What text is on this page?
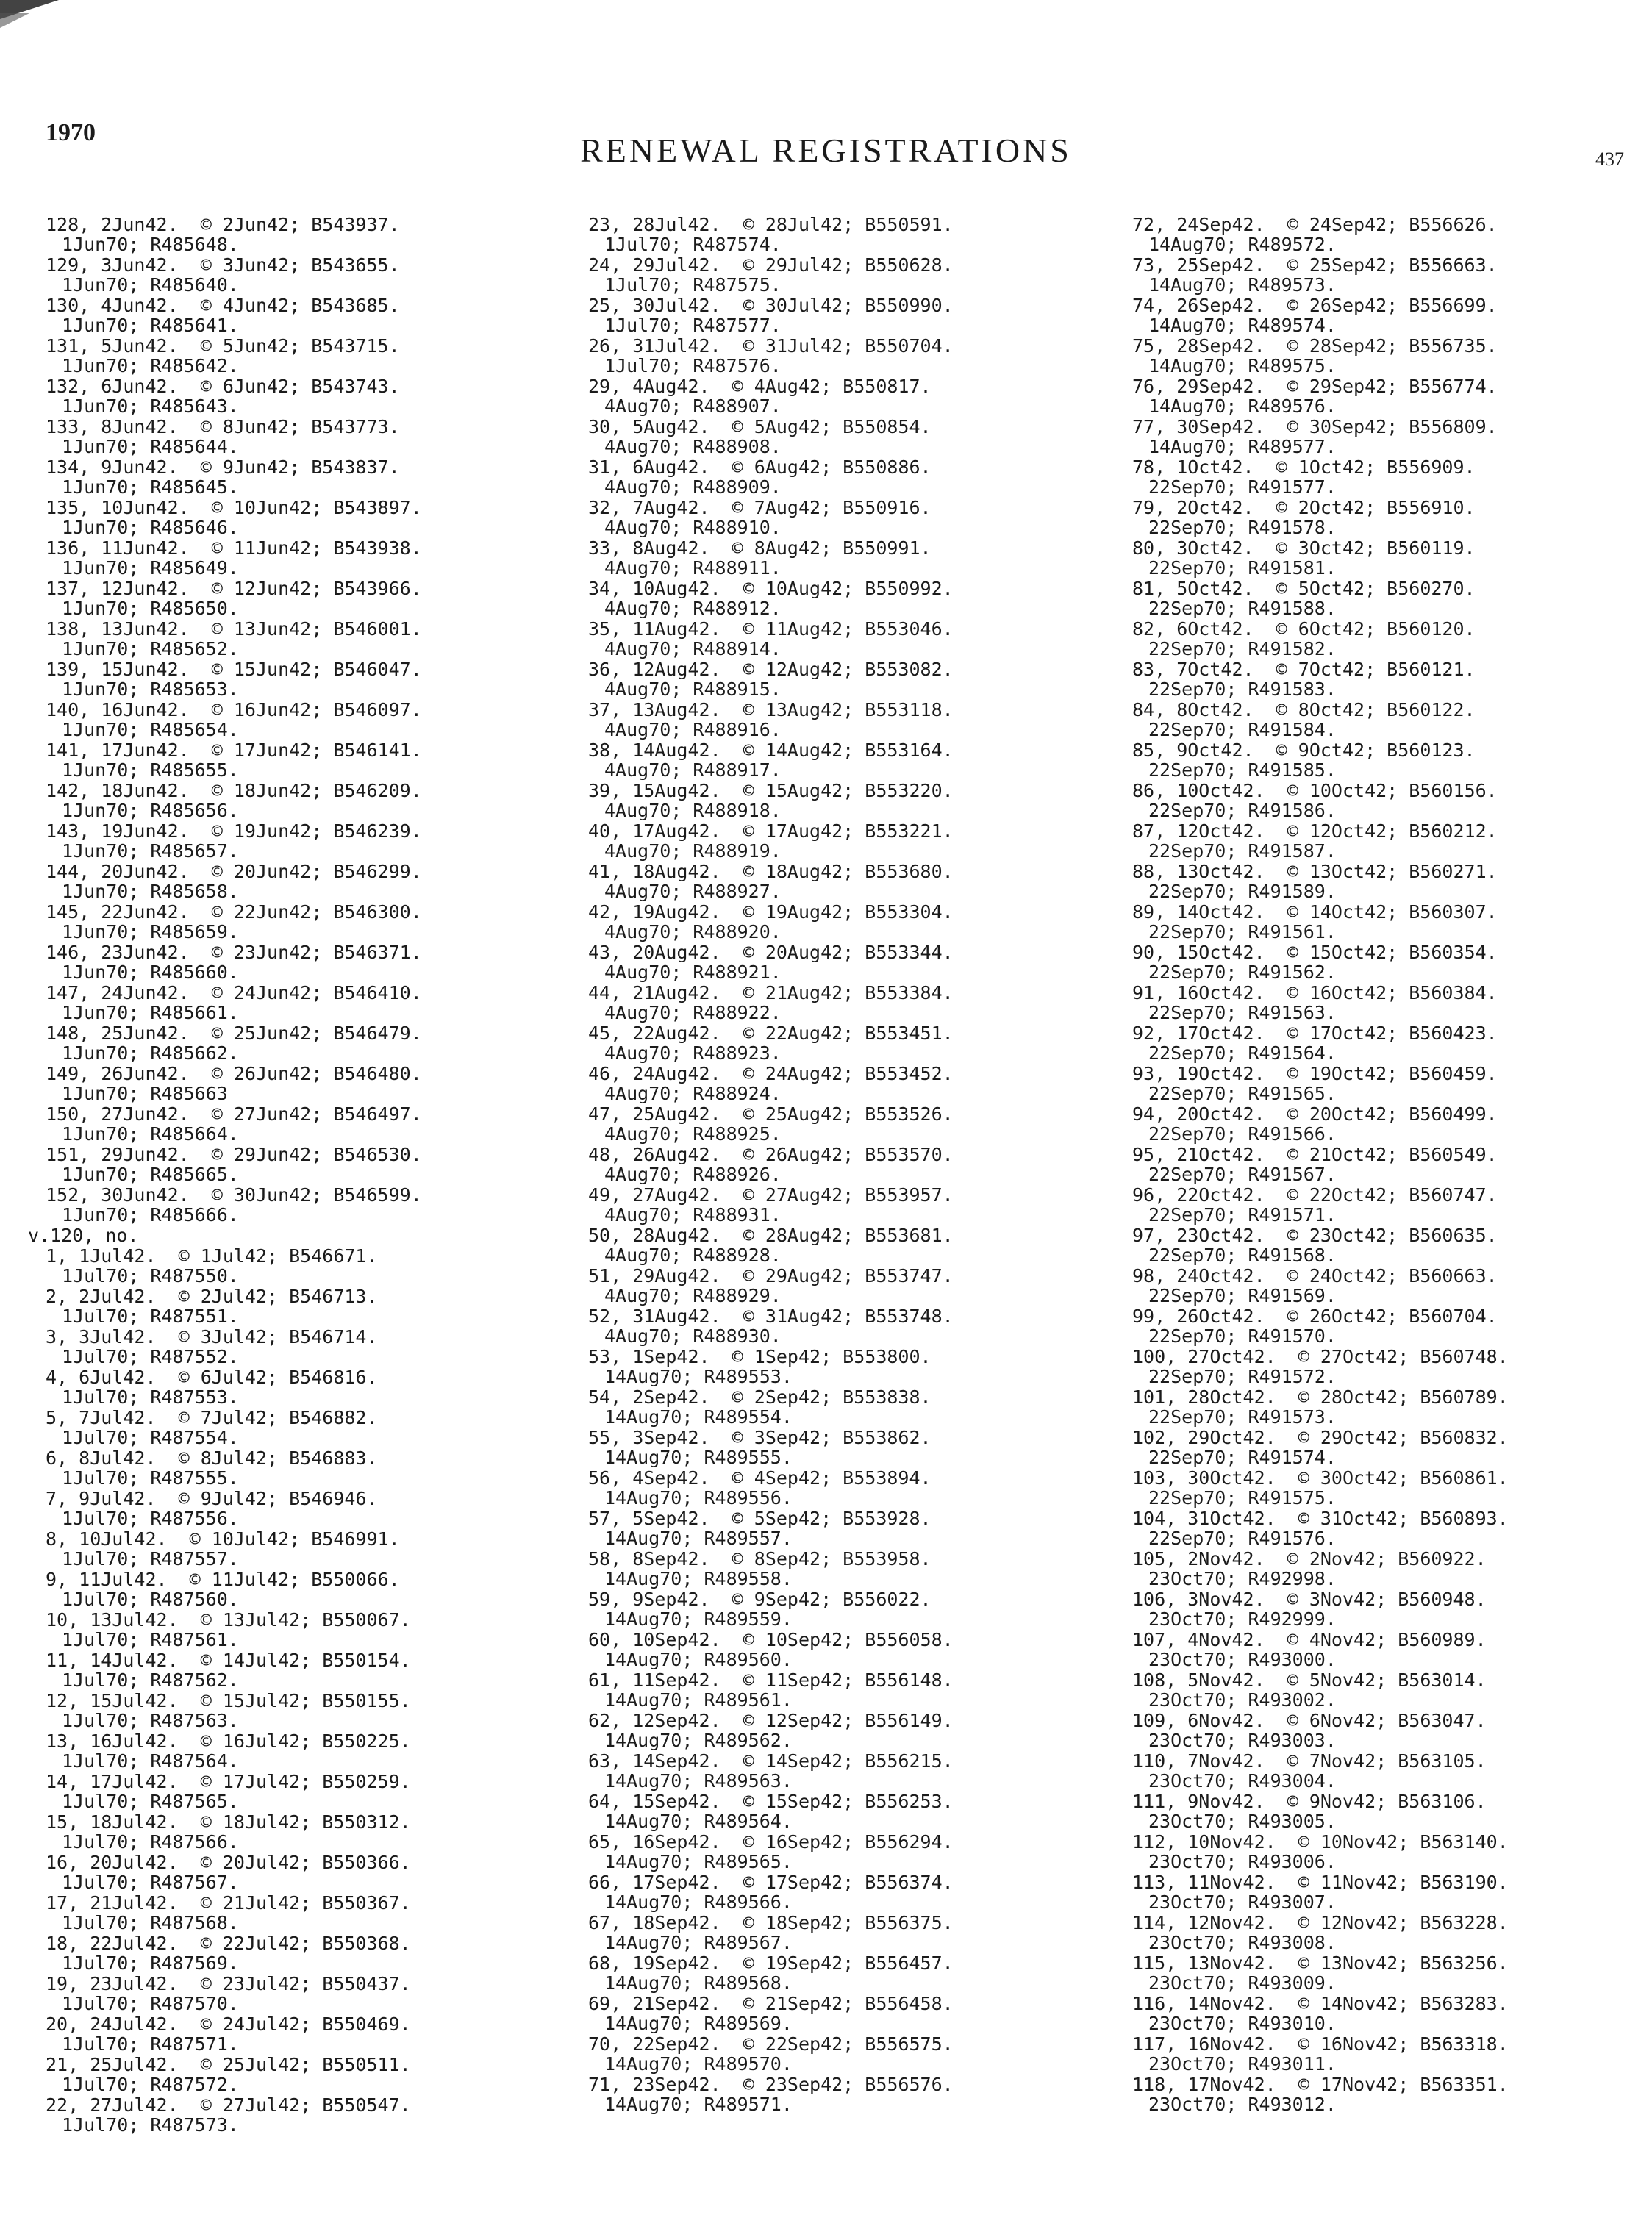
1970	RENEWAL REGISTRATIONS	437
128, 2Jun42.  © 2Jun42; B543937.
1Jun70; R485648.
129, 3Jun42.  © 3Jun42; B543655.
1Jun70; R485640.
130, 4Jun42.  © 4Jun42; B543685.
1Jun70; R485641.
131, 5Jun42.  © 5Jun42; B543715.
1Jun70; R485642.
132, 6Jun42.  © 6Jun42; B543743.
1Jun70; R485643.
133, 8Jun42.  © 8Jun42; B543773.
1Jun70; R485644.
134, 9Jun42.  © 9Jun42; B543837.
1Jun70; R485645.
135, 10Jun42.  © 10Jun42; B543897.
1Jun70; R485646.
136, 11Jun42.  © 11Jun42; B543938.
1Jun70; R485649.
137, 12Jun42.  © 12Jun42; B543966.
1Jun70; R485650.
138, 13Jun42.  © 13Jun42; B546001.
1Jun70; R485652.
139, 15Jun42.  © 15Jun42; B546047.
1Jun70; R485653.
140, 16Jun42.  © 16Jun42; B546097.
1Jun70; R485654.
141, 17Jun42.  © 17Jun42; B546141.
1Jun70; R485655.
142, 18Jun42.  © 18Jun42; B546209.
1Jun70; R485656.
143, 19Jun42.  © 19Jun42; B546239.
1Jun70; R485657.
144, 20Jun42.  © 20Jun42; B546299.
1Jun70; R485658.
145, 22Jun42.  © 22Jun42; B546300.
1Jun70; R485659.
146, 23Jun42.  © 23Jun42; B546371.
1Jun70; R485660.
147, 24Jun42.  © 24Jun42; B546410.
1Jun70; R485661.
148, 25Jun42.  © 25Jun42; B546479.
1Jun70; R485662.
149, 26Jun42.  © 26Jun42; B546480.
1Jun70; R485663
150, 27Jun42.  © 27Jun42; B546497.
1Jun70; R485664.
151, 29Jun42.  © 29Jun42; B546530.
1Jun70; R485665.
152, 30Jun42.  © 30Jun42; B546599.
1Jun70; R485666.
v.120, no.
1, 1Jul42.  © 1Jul42; B546671.
1Jul70; R487550.
2, 2Jul42.  © 2Jul42; B546713.
1Jul70; R487551.
3, 3Jul42.  © 3Jul42; B546714.
1Jul70; R487552.
4, 6Jul42.  © 6Jul42; B546816.
1Jul70; R487553.
5, 7Jul42.  © 7Jul42; B546882.
1Jul70; R487554.
6, 8Jul42.  © 8Jul42; B546883.
1Jul70; R487555.
7, 9Jul42.  © 9Jul42; B546946.
1Jul70; R487556.
8, 10Jul42.  © 10Jul42; B546991.
1Jul70; R487557.
9, 11Jul42.  © 11Jul42; B550066.
1Jul70; R487560.
10, 13Jul42.  © 13Jul42; B550067.
1Jul70; R487561.
11, 14Jul42.  © 14Jul42; B550154.
1Jul70; R487562.
12, 15Jul42.  © 15Jul42; B550155.
1Jul70; R487563.
13, 16Jul42.  © 16Jul42; B550225.
1Jul70; R487564.
14, 17Jul42.  © 17Jul42; B550259.
1Jul70; R487565.
15, 18Jul42.  © 18Jul42; B550312.
1Jul70; R487566.
16, 20Jul42.  © 20Jul42; B550366.
1Jul70; R487567.
17, 21Jul42.  © 21Jul42; B550367.
1Jul70; R487568.
18, 22Jul42.  © 22Jul42; B550368.
1Jul70; R487569.
19, 23Jul42.  © 23Jul42; B550437.
1Jul70; R487570.
20, 24Jul42.  © 24Jul42; B550469.
1Jul70; R487571.
21, 25Jul42.  © 25Jul42; B550511.
1Jul70; R487572.
22, 27Jul42.  © 27Jul42; B550547.
1Jul70; R487573.
23, 28Jul42.  © 28Jul42; B550591.
1Jul70; R487574.
24, 29Jul42.  © 29Jul42; B550628.
1Jul70; R487575.
25, 30Jul42.  © 30Jul42; B550990.
1Jul70; R487577.
26, 31Jul42.  © 31Jul42; B550704.
1Jul70; R487576.
29, 4Aug42.  © 4Aug42; B550817.
4Aug70; R488907.
30, 5Aug42.  © 5Aug42; B550854.
4Aug70; R488908.
31, 6Aug42.  © 6Aug42; B550886.
4Aug70; R488909.
32, 7Aug42.  © 7Aug42; B550916.
4Aug70; R488910.
33, 8Aug42.  © 8Aug42; B550991.
4Aug70; R488911.
34, 10Aug42.  © 10Aug42; B550992.
4Aug70; R488912.
35, 11Aug42.  © 11Aug42; B553046.
4Aug70; R488914.
36, 12Aug42.  © 12Aug42; B553082.
4Aug70; R488915.
37, 13Aug42.  © 13Aug42; B553118.
4Aug70; R488916.
38, 14Aug42.  © 14Aug42; B553164.
4Aug70; R488917.
39, 15Aug42.  © 15Aug42; B553220.
4Aug70; R488918.
40, 17Aug42.  © 17Aug42; B553221.
4Aug70; R488919.
41, 18Aug42.  © 18Aug42; B553680.
4Aug70; R488927.
42, 19Aug42.  © 19Aug42; B553304.
4Aug70; R488920.
43, 20Aug42.  © 20Aug42; B553344.
4Aug70; R488921.
44, 21Aug42.  © 21Aug42; B553384.
4Aug70; R488922.
45, 22Aug42.  © 22Aug42; B553451.
4Aug70; R488923.
46, 24Aug42.  © 24Aug42; B553452.
4Aug70; R488924.
47, 25Aug42.  © 25Aug42; B553526.
4Aug70; R488925.
48, 26Aug42.  © 26Aug42; B553570.
4Aug70; R488926.
49, 27Aug42.  © 27Aug42; B553957.
4Aug70; R488931.
50, 28Aug42.  © 28Aug42; B553681.
4Aug70; R488928.
51, 29Aug42.  © 29Aug42; B553747.
4Aug70; R488929.
52, 31Aug42.  © 31Aug42; B553748.
4Aug70; R488930.
53, 1Sep42.  © 1Sep42; B553800.
14Aug70; R489553.
54, 2Sep42.  © 2Sep42; B553838.
14Aug70; R489554.
55, 3Sep42.  © 3Sep42; B553862.
14Aug70; R489555.
56, 4Sep42.  © 4Sep42; B553894.
14Aug70; R489556.
57, 5Sep42.  © 5Sep42; B553928.
14Aug70; R489557.
58, 8Sep42.  © 8Sep42; B553958.
14Aug70; R489558.
59, 9Sep42.  © 9Sep42; B556022.
14Aug70; R489559.
60, 10Sep42.  © 10Sep42; B556058.
14Aug70; R489560.
61, 11Sep42.  © 11Sep42; B556148.
14Aug70; R489561.
62, 12Sep42.  © 12Sep42; B556149.
14Aug70; R489562.
63, 14Sep42.  © 14Sep42; B556215.
14Aug70; R489563.
64, 15Sep42.  © 15Sep42; B556253.
14Aug70; R489564.
65, 16Sep42.  © 16Sep42; B556294.
14Aug70; R489565.
66, 17Sep42.  © 17Sep42; B556374.
14Aug70; R489566.
67, 18Sep42.  © 18Sep42; B556375.
14Aug70; R489567.
68, 19Sep42.  © 19Sep42; B556457.
14Aug70; R489568.
69, 21Sep42.  © 21Sep42; B556458.
14Aug70; R489569.
70, 22Sep42.  © 22Sep42; B556575.
14Aug70; R489570.
71, 23Sep42.  © 23Sep42; B556576.
14Aug70; R489571.
72, 24Sep42.  © 24Sep42; B556626.
14Aug70; R489572.
73, 25Sep42.  © 25Sep42; B556663.
14Aug70; R489573.
74, 26Sep42.  © 26Sep42; B556699.
14Aug70; R489574.
75, 28Sep42.  © 28Sep42; B556735.
14Aug70; R489575.
76, 29Sep42.  © 29Sep42; B556774.
14Aug70; R489576.
77, 30Sep42.  © 30Sep42; B556809.
14Aug70; R489577.
78, 1Oct42.  © 1Oct42; B556909.
22Sep70; R491577.
79, 2Oct42.  © 2Oct42; B556910.
22Sep70; R491578.
80, 3Oct42.  © 3Oct42; B560119.
22Sep70; R491581.
81, 5Oct42.  © 5Oct42; B560270.
22Sep70; R491588.
82, 6Oct42.  © 6Oct42; B560120.
22Sep70; R491582.
83, 7Oct42.  © 7Oct42; B560121.
22Sep70; R491583.
84, 8Oct42.  © 8Oct42; B560122.
22Sep70; R491584.
85, 9Oct42.  © 9Oct42; B560123.
22Sep70; R491585.
86, 10Oct42.  © 10Oct42; B560156.
22Sep70; R491586.
87, 12Oct42.  © 12Oct42; B560212.
22Sep70; R491587.
88, 13Oct42.  © 13Oct42; B560271.
22Sep70; R491589.
89, 14Oct42.  © 14Oct42; B560307.
22Sep70; R491561.
90, 15Oct42.  © 15Oct42; B560354.
22Sep70; R491562.
91, 16Oct42.  © 16Oct42; B560384.
22Sep70; R491563.
92, 17Oct42.  © 17Oct42; B560423.
22Sep70; R491564.
93, 19Oct42.  © 19Oct42; B560459.
22Sep70; R491565.
94, 20Oct42.  © 20Oct42; B560499.
22Sep70; R491566.
95, 21Oct42.  © 21Oct42; B560549.
22Sep70; R491567.
96, 22Oct42.  © 22Oct42; B560747.
22Sep70; R491571.
97, 23Oct42.  © 23Oct42; B560635.
22Sep70; R491568.
98, 24Oct42.  © 24Oct42; B560663.
22Sep70; R491569.
99, 26Oct42.  © 26Oct42; B560704.
22Sep70; R491570.
100, 27Oct42.  © 27Oct42; B560748.
22Sep70; R491572.
101, 28Oct42.  © 28Oct42; B560789.
22Sep70; R491573.
102, 29Oct42.  © 29Oct42; B560832.
22Sep70; R491574.
103, 30Oct42.  © 30Oct42; B560861.
22Sep70; R491575.
104, 31Oct42.  © 31Oct42; B560893.
22Sep70; R491576.
105, 2Nov42.  © 2Nov42; B560922.
23Oct70; R492998.
106, 3Nov42.  © 3Nov42; B560948.
23Oct70; R492999.
107, 4Nov42.  © 4Nov42; B560989.
23Oct70; R493000.
108, 5Nov42.  © 5Nov42; B563014.
23Oct70; R493002.
109, 6Nov42.  © 6Nov42; B563047.
23Oct70; R493003.
110, 7Nov42.  © 7Nov42; B563105.
23Oct70; R493004.
111, 9Nov42.  © 9Nov42; B563106.
23Oct70; R493005.
112, 10Nov42.  © 10Nov42; B563140.
23Oct70; R493006.
113, 11Nov42.  © 11Nov42; B563190.
23Oct70; R493007.
114, 12Nov42.  © 12Nov42; B563228.
23Oct70; R493008.
115, 13Nov42.  © 13Nov42; B563256.
23Oct70; R493009.
116, 14Nov42.  © 14Nov42; B563283.
23Oct70; R493010.
117, 16Nov42.  © 16Nov42; B563318.
23Oct70; R493011.
118, 17Nov42.  © 17Nov42; B563351.
23Oct70; R493012.
